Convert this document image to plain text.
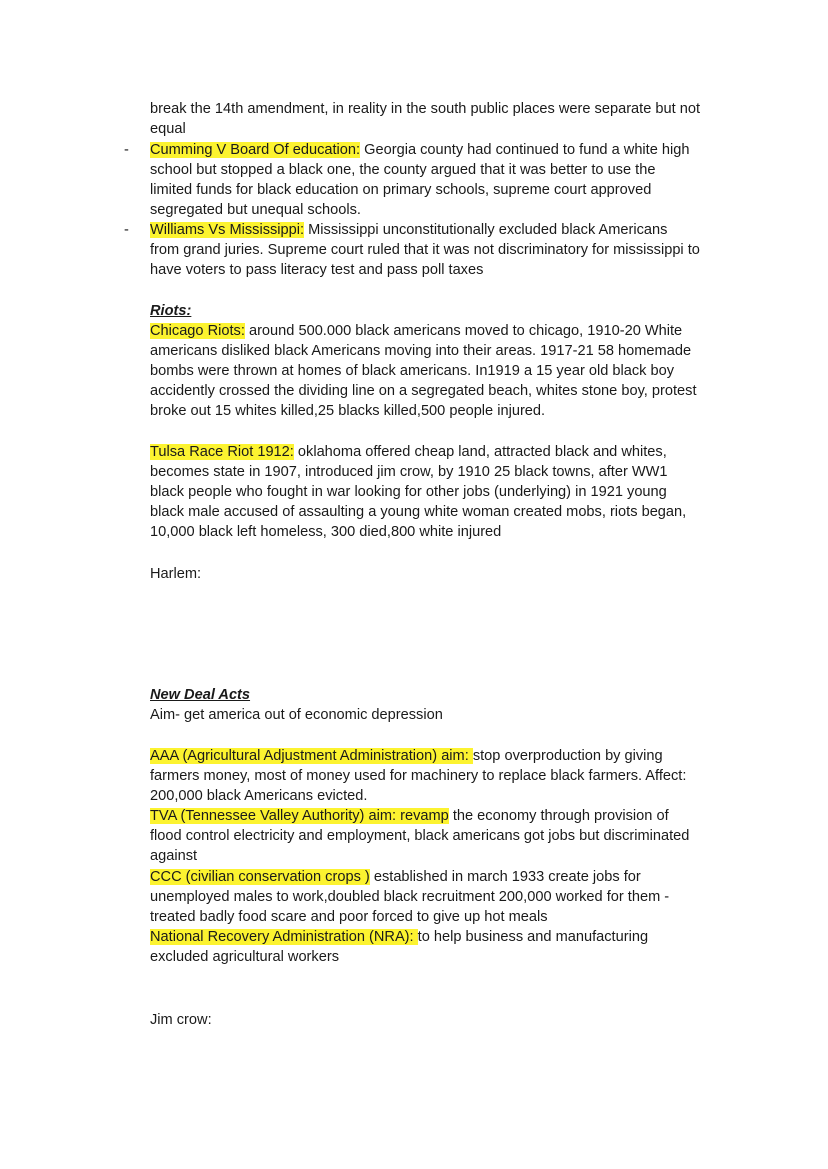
break the 14th amendment, in reality in the south public places were separate but not
equal
- Cumming V Board Of education: Georgia county had continued to fund a white high
school but stopped a black one, the county argued that it was better to use the
limited funds for black education on primary schools, supreme court approved
segregated but unequal schools.
- Williams Vs Mississippi: Mississippi unconstitutionally excluded black Americans
from grand juries. Supreme court ruled that it was not discriminatory for mississippi to
have voters to pass literacy test and pass poll taxes
Riots:
Chicago Riots: around 500.000 black americans moved to chicago, 1910-20 White
americans disliked black Americans moving into their areas. 1917-21 58 homemade
bombs were thrown at homes of black americans. In1919 a 15 year old black boy
accidently crossed the dividing line on a segregated beach, whites stone boy, protest
broke out 15 whites killed,25 blacks killed,500 people injured.
Tulsa Race Riot 1912: oklahoma offered cheap land, attracted black and whites,
becomes state in 1907, introduced jim crow, by 1910 25 black towns, after WW1
black people who fought in war looking for other jobs (underlying) in 1921 young
black male accused of assaulting a young white woman created mobs, riots began,
10,000 black left homeless, 300 died,800 white injured
Harlem:
New Deal Acts
Aim- get america out of economic depression
AAA (Agricultural Adjustment Administration) aim: stop overproduction by giving
farmers money, most of money used for machinery to replace black farmers. Affect:
200,000 black Americans evicted.
TVA (Tennessee Valley Authority) aim: revamp the economy through provision of
flood control electricity and employment, black americans got jobs but discriminated
against
CCC (civilian conservation crops ) established in march 1933 create jobs for
unemployed males to work,doubled black recruitment 200,000 worked for them -
treated badly food scare and poor forced to give up hot meals
National Recovery Administration (NRA): to help business and manufacturing
excluded agricultural workers
Jim crow:
